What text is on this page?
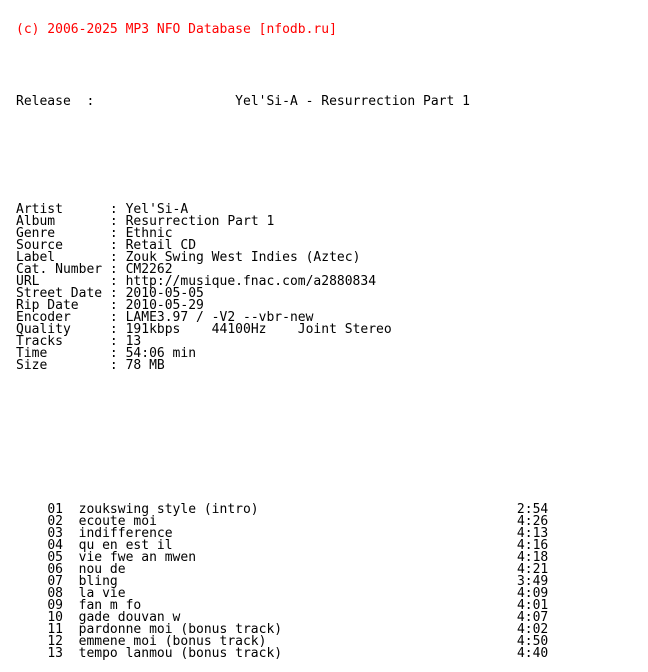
(c) 2006-2025 MP3 NFO Database [nfodb.ru]

Release  :                  Yel'Si-A - Resurrection Part 1

Artist      : Yel'Si-A
Album       : Resurrection Part 1
Genre       : Ethnic
Source      : Retail CD
Label       : Zouk Swing West Indies (Aztec)
Cat. Number : CM2262
URL         : http://musique.fnac.com/a2880834
Street Date : 2010-05-05
Rip Date    : 2010-05-29
Encoder     : LAME3.97 / -V2 --vbr-new
Quality     : 191kbps    44100Hz    Joint Stereo
Tracks      : 13
Time        : 54:06 min
Size        : 78 MB

01 zoukswing style (intro)	2:54
02 ecoute moi	4:26
03 indifference	4:13
04 qu en est il	4:16
05 vie fwe an mwen	4:18
06 nou de	4:21
07 bling	3:49
08 la vie	4:09
09 fan m fo	4:01
10 gade douvan w	4:07
11 pardonne moi (bonus track)	4:02
12 emmene moi (bonus track)	4:50
13 tempo lanmou (bonus track)	4:40
